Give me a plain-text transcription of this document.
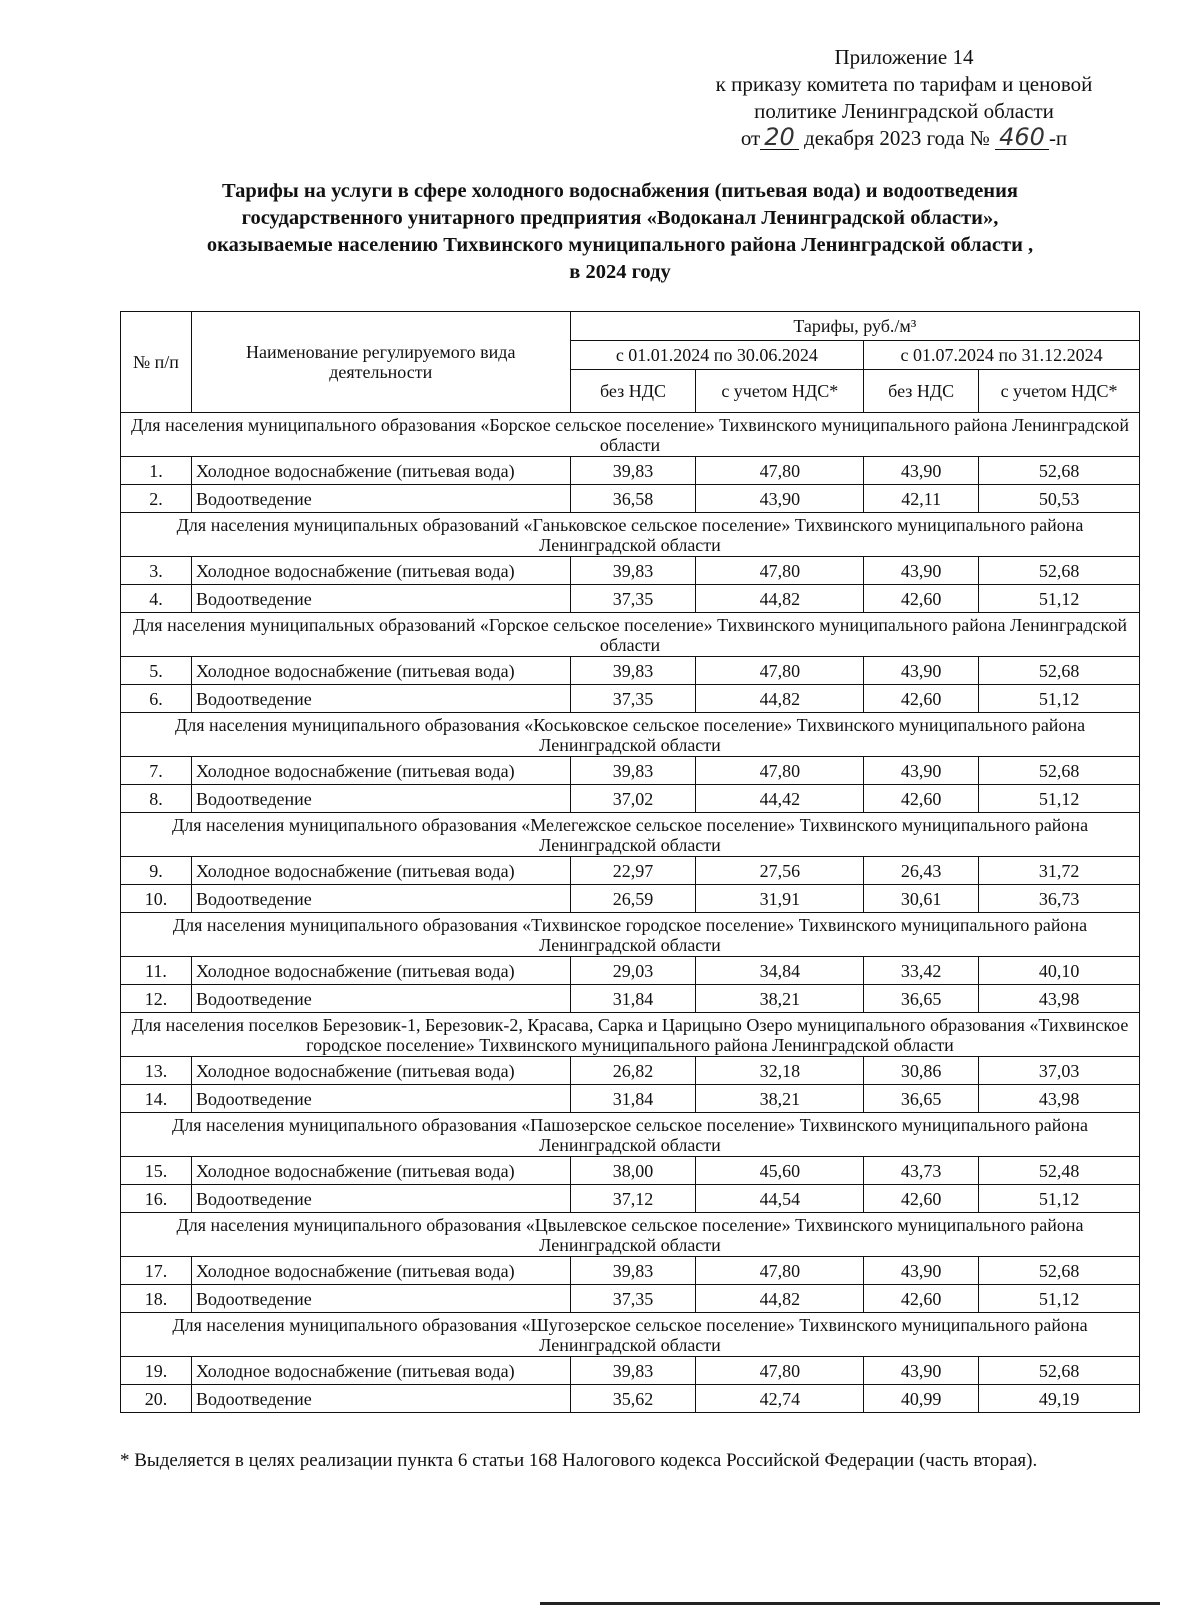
Приложение 14
к приказу комитета по тарифам и ценовой
политике Ленинградской области
от 20 декабря 2023 года № 460 -п
Тарифы на услуги в сфере холодного водоснабжения (питьевая вода) и водоотведения
государственного унитарного предприятия «Водоканал Ленинградской области»,
оказываемые населению Тихвинского муниципального района Ленинградской области ,
в 2024 году
№ п/п	Наименование регулируемого вида деятельности	Тарифы, руб./м³			
		с 01.01.2024 по 30.06.2024		с 01.07.2024 по 31.12.2024	
		без НДС	с учетом НДС*	без НДС	с учетом НДС*
Для населения муниципального образования «Борское сельское поселение» Тихвинского муниципального района Ленинградской области					
1.	Холодное водоснабжение (питьевая вода)	39,83	47,80	43,90	52,68
2.	Водоотведение	36,58	43,90	42,11	50,53
Для населения муниципальных образований «Ганьковское сельское поселение» Тихвинского муниципального района Ленинградской области					
3.	Холодное водоснабжение (питьевая вода)	39,83	47,80	43,90	52,68
4.	Водоотведение	37,35	44,82	42,60	51,12
Для населения муниципальных образований «Горское сельское поселение» Тихвинского муниципального района Ленинградской области					
5.	Холодное водоснабжение (питьевая вода)	39,83	47,80	43,90	52,68
6.	Водоотведение	37,35	44,82	42,60	51,12
Для населения муниципального образования «Коськовское сельское поселение» Тихвинского муниципального района Ленинградской области					
7.	Холодное водоснабжение (питьевая вода)	39,83	47,80	43,90	52,68
8.	Водоотведение	37,02	44,42	42,60	51,12
Для населения муниципального образования «Мелегежское сельское поселение» Тихвинского муниципального района Ленинградской области					
9.	Холодное водоснабжение (питьевая вода)	22,97	27,56	26,43	31,72
10.	Водоотведение	26,59	31,91	30,61	36,73
Для населения муниципального образования «Тихвинское городское поселение» Тихвинского муниципального района Ленинградской области					
11.	Холодное водоснабжение (питьевая вода)	29,03	34,84	33,42	40,10
12.	Водоотведение	31,84	38,21	36,65	43,98
Для населения поселков Березовик-1, Березовик-2, Красава, Сарка и Царицыно Озеро муниципального образования «Тихвинское городское поселение» Тихвинского муниципального района Ленинградской области					
13.	Холодное водоснабжение (питьевая вода)	26,82	32,18	30,86	37,03
14.	Водоотведение	31,84	38,21	36,65	43,98
Для населения муниципального образования «Пашозерское сельское поселение» Тихвинского муниципального района Ленинградской области					
15.	Холодное водоснабжение (питьевая вода)	38,00	45,60	43,73	52,48
16.	Водоотведение	37,12	44,54	42,60	51,12
Для населения муниципального образования «Цвылевское сельское поселение» Тихвинского муниципального района Ленинградской области					
17.	Холодное водоснабжение (питьевая вода)	39,83	47,80	43,90	52,68
18.	Водоотведение	37,35	44,82	42,60	51,12
Для населения муниципального образования «Шугозерское сельское поселение» Тихвинского муниципального района Ленинградской области					
19.	Холодное водоснабжение (питьевая вода)	39,83	47,80	43,90	52,68
20.	Водоотведение	35,62	42,74	40,99	49,19
* Выделяется в целях реализации пункта 6 статьи 168 Налогового кодекса Российской Федерации (часть вторая).
